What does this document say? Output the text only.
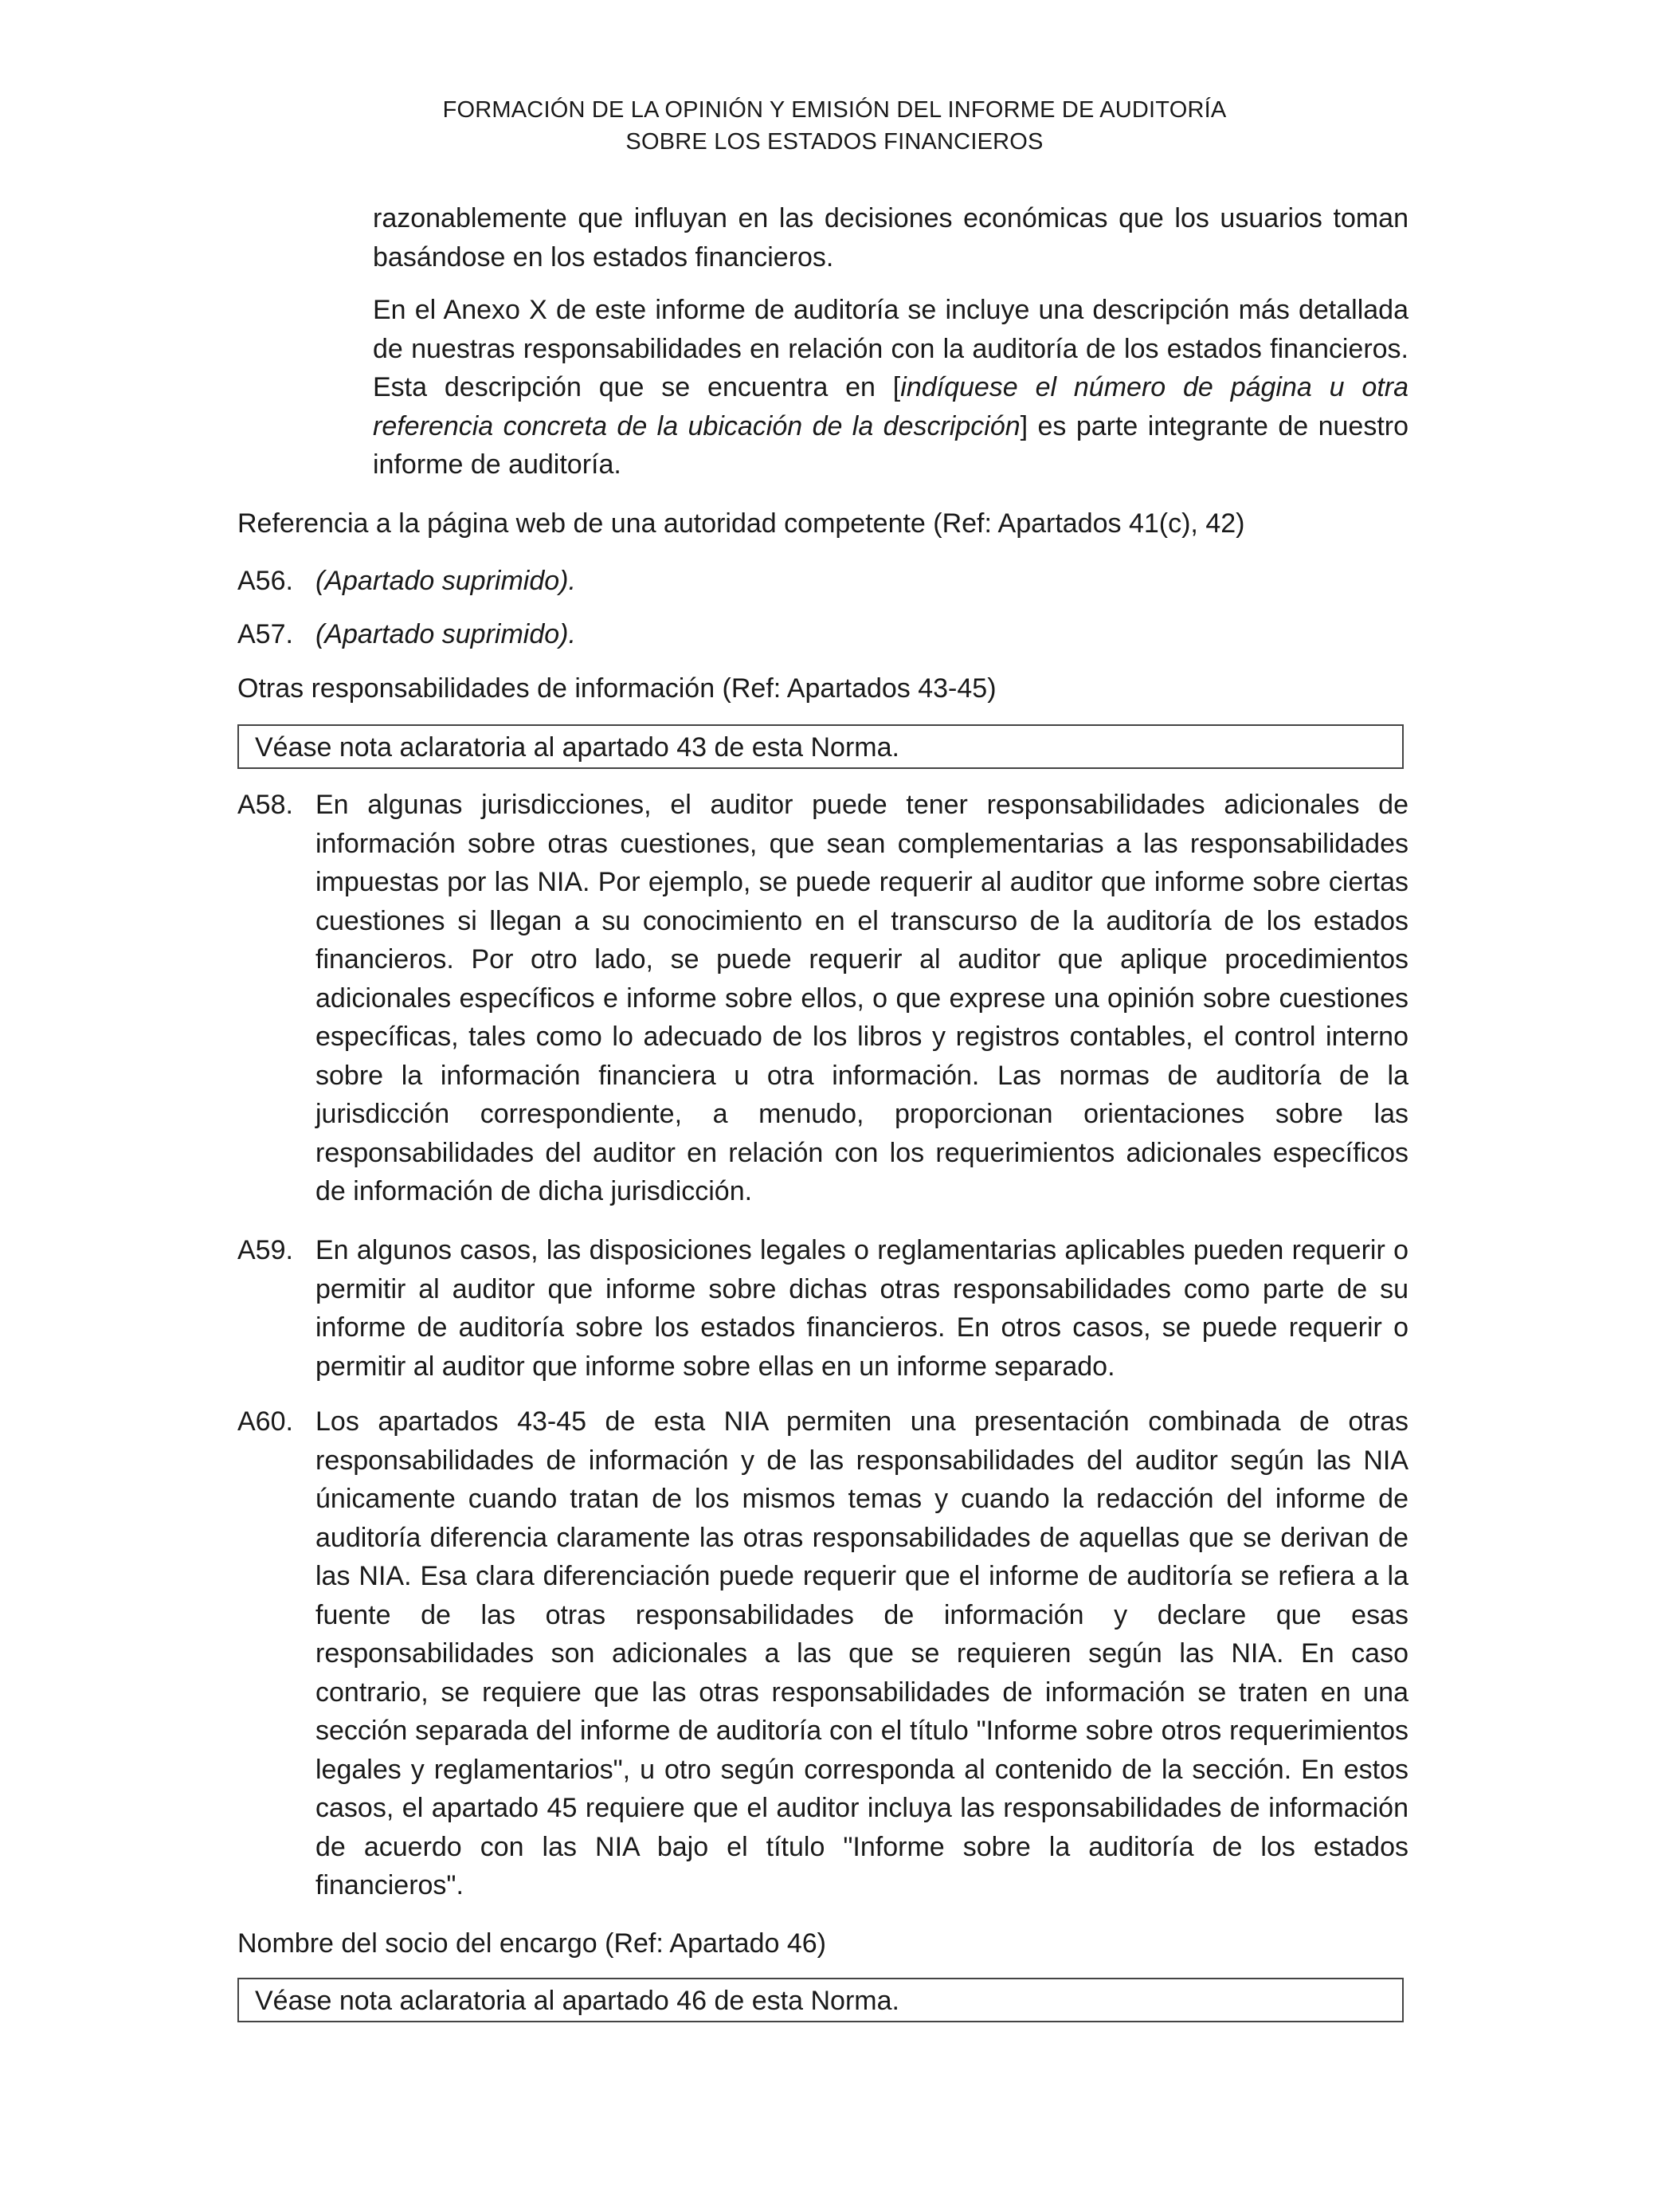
FORMACIÓN DE LA OPINIÓN Y EMISIÓN DEL INFORME DE AUDITORÍA
SOBRE LOS ESTADOS FINANCIEROS

razonablemente que influyan en las decisiones económicas que los usuarios toman basándose en los estados financieros.

En el Anexo X de este informe de auditoría se incluye una descripción más detallada de nuestras responsabilidades en relación con la auditoría de los estados financieros. Esta descripción que se encuentra en [indíquese el número de página u otra referencia concreta de la ubicación de la descripción] es parte integrante de nuestro informe de auditoría.

Referencia a la página web de una autoridad competente (Ref: Apartados 41(c), 42)
A56. (Apartado suprimido).
A57. (Apartado suprimido).
Otras responsabilidades de información (Ref: Apartados 43-45)
Véase nota aclaratoria al apartado 43 de esta Norma.
A58. En algunas jurisdicciones, el auditor puede tener responsabilidades adicionales de información sobre otras cuestiones, que sean complementarias a las responsabilidades impuestas por las NIA. Por ejemplo, se puede requerir al auditor que informe sobre ciertas cuestiones si llegan a su conocimiento en el transcurso de la auditoría de los estados financieros. Por otro lado, se puede requerir al auditor que aplique procedimientos adicionales específicos e informe sobre ellos, o que exprese una opinión sobre cuestiones específicas, tales como lo adecuado de los libros y registros contables, el control interno sobre la información financiera u otra información. Las normas de auditoría de la jurisdicción correspondiente, a menudo, proporcionan orientaciones sobre las responsabilidades del auditor en relación con los requerimientos adicionales específicos de información de dicha jurisdicción.

A59. En algunos casos, las disposiciones legales o reglamentarias aplicables pueden requerir o permitir al auditor que informe sobre dichas otras responsabilidades como parte de su informe de auditoría sobre los estados financieros. En otros casos, se puede requerir o permitir al auditor que informe sobre ellas en un informe separado.

A60. Los apartados 43-45 de esta NIA permiten una presentación combinada de otras responsabilidades de información y de las responsabilidades del auditor según las NIA únicamente cuando tratan de los mismos temas y cuando la redacción del informe de auditoría diferencia claramente las otras responsabilidades de aquellas que se derivan de las NIA. Esa clara diferenciación puede requerir que el informe de auditoría se refiera a la fuente de las otras responsabilidades de información y declare que esas responsabilidades son adicionales a las que se requieren según las NIA. En caso contrario, se requiere que las otras responsabilidades de información se traten en una sección separada del informe de auditoría con el título "Informe sobre otros requerimientos legales y reglamentarios", u otro según corresponda al contenido de la sección. En estos casos, el apartado 45 requiere que el auditor incluya las responsabilidades de información de acuerdo con las NIA bajo el título "Informe sobre la auditoría de los estados financieros".

Nombre del socio del encargo (Ref: Apartado 46)
Véase nota aclaratoria al apartado 46 de esta Norma.
